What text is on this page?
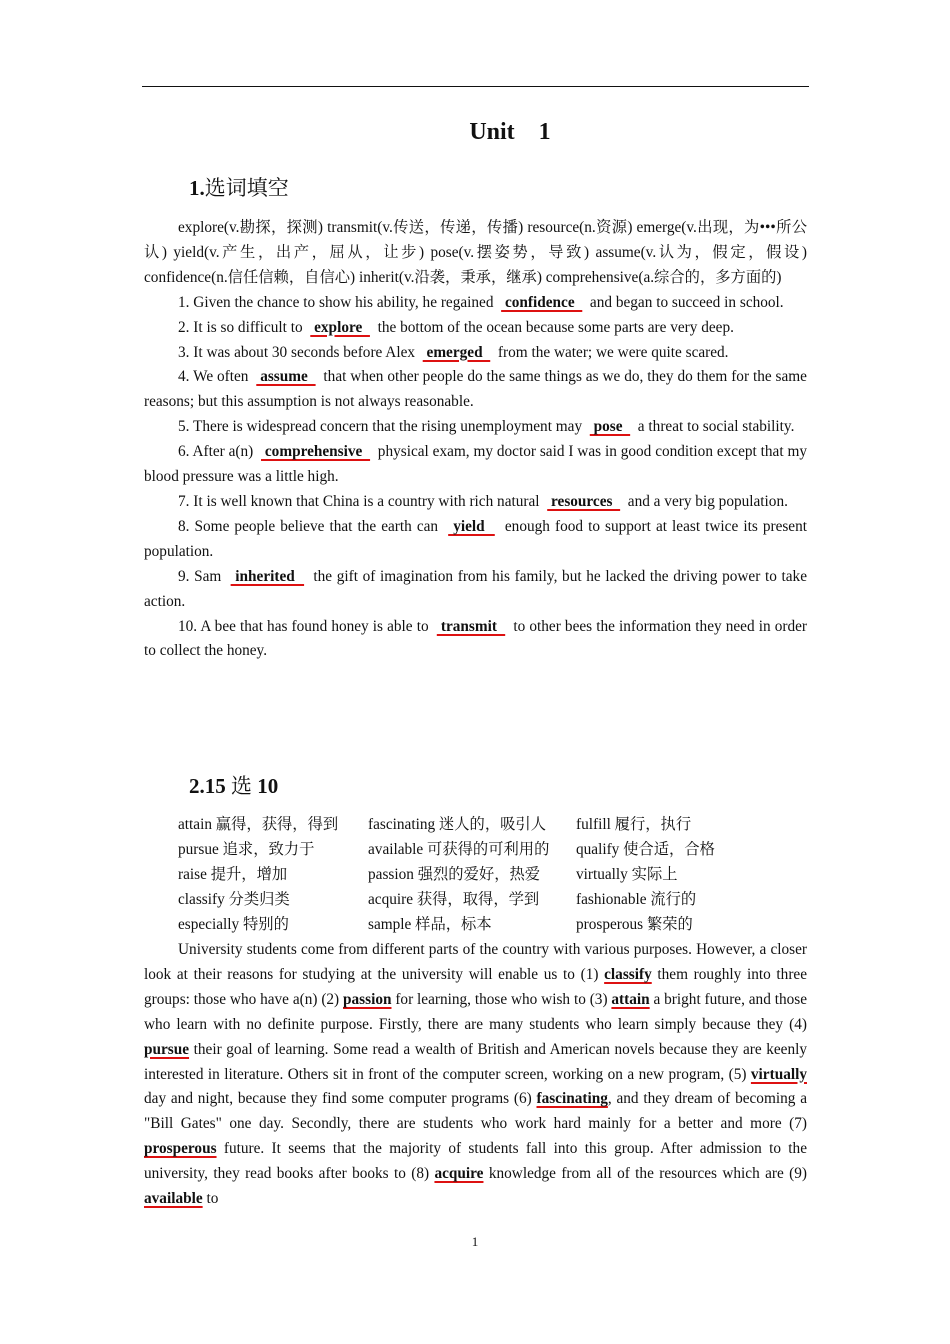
Unit 1
1.选词填空

explore(v.勘探，探测) transmit(v.传送，传递，传播) resource(n.资源) emerge(v.出现，为•••所公认) yield(v.产生，出产，屈从，让步) pose(v.摆姿势，导致) assume(v.认为，假定，假设) confidence(n.信任信赖，自信心) inherit(v.沿袭，秉承，继承) comprehensive(a.综合的，多方面的)

1. Given the chance to show his ability, he regained   confidence    and began to succeed in school.

2. It is so difficult to   explore    the bottom of the ocean because some parts are very deep.

3. It was about 30 seconds before Alex   emerged    from the water; we were quite scared.

4. We often   assume    that when other people do the same things as we do, they do them for the same reasons; but this assumption is not always reasonable.

5. There is widespread concern that the rising unemployment may   pose    a threat to social stability.

6. After a(n)   comprehensive    physical exam, my doctor said I was in good condition except that my blood pressure was a little high.

7. It is well known that China is a country with rich natural   resources    and a very big population.

8. Some people believe that the earth can   yield    enough food to support at least twice its present population.

9. Sam   inherited    the gift of imagination from his family, but he lacked the driving power to take action.

10. A bee that has found honey is able to   transmit    to other bees the information they need in order to collect the honey.

2.15 选 10
attain 赢得，获得，得到	fascinating 迷人的，吸引人	fulfill 履行，执行
pursue 追求，致力于	available 可获得的可利用的	qualify 使合适，合格
raise 提升，增加	passion 强烈的爱好，热爱	virtually 实际上
classify 分类归类	acquire 获得，取得，学到	fashionable 流行的
especially 特别的	sample 样品，标本	prosperous 繁荣的

University students come from different parts of the country with various purposes. However, a closer look at their reasons for studying at the university will enable us to (1) classify them roughly into three groups: those who have a(n) (2) passion for learning, those who wish to (3) attain a bright future, and those who learn with no definite purpose. Firstly, there are many students who learn simply because they (4) pursue their goal of learning. Some read a wealth of British and American novels because they are keenly interested in literature. Others sit in front of the computer screen, working on a new program, (5) virtually day and night, because they find some computer programs (6) fascinating, and they dream of becoming a "Bill Gates" one day. Secondly, there are students who work hard mainly for a better and more (7) prosperous future. It seems that the majority of students fall into this group. After admission to the university, they read books after books to (8) acquire knowledge from all of the resources which are (9) available to

1
